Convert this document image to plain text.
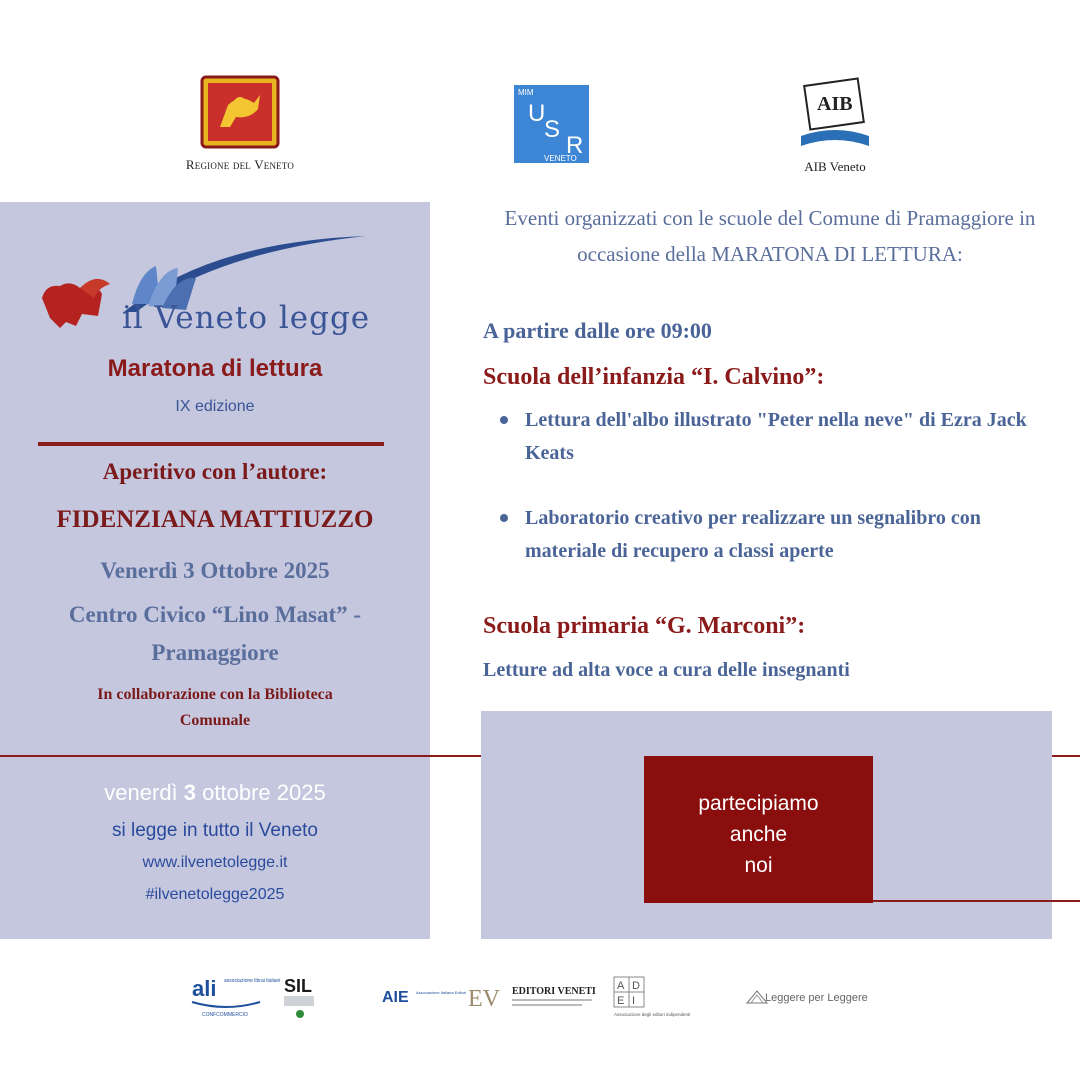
Regione del Veneto
MIM
U
S
R
VENETO
AIB
AIB Veneto
il Veneto legge
Maratona di lettura
IX edizione
Aperitivo con l’autore:
FIDENZIANA MATTIUZZO
Venerdì 3 Ottobre 2025
Centro Civico “Lino Masat” -
Pramaggiore
In collaborazione con la Biblioteca
Comunale
venerdì 3 ottobre 2025
si legge in tutto il Veneto
www.ilvenetolegge.it
#ilvenetolegge2025
Eventi organizzati con le scuole del Comune di Pramaggiore in occasione della MARATONA DI LETTURA:
A partire dalle ore 09:00
Scuola dell’infanzia “I. Calvino”:
Lettura dell'albo illustrato "Peter nella neve" di Ezra Jack Keats
Laboratorio creativo per realizzare un segnalibro con materiale di recupero a classi aperte
Scuola primaria “G. Marconi”:
Letture ad alta voce a cura delle insegnanti
partecipiamo
anche
noi
ali associazione librai italiani
CONFCOMMERCIO
SIL
AIE Associazione Italiana Editori EV EDITORI VENETI A D
E I
Associazione degli editori indipendenti
Leggere per Leggere
